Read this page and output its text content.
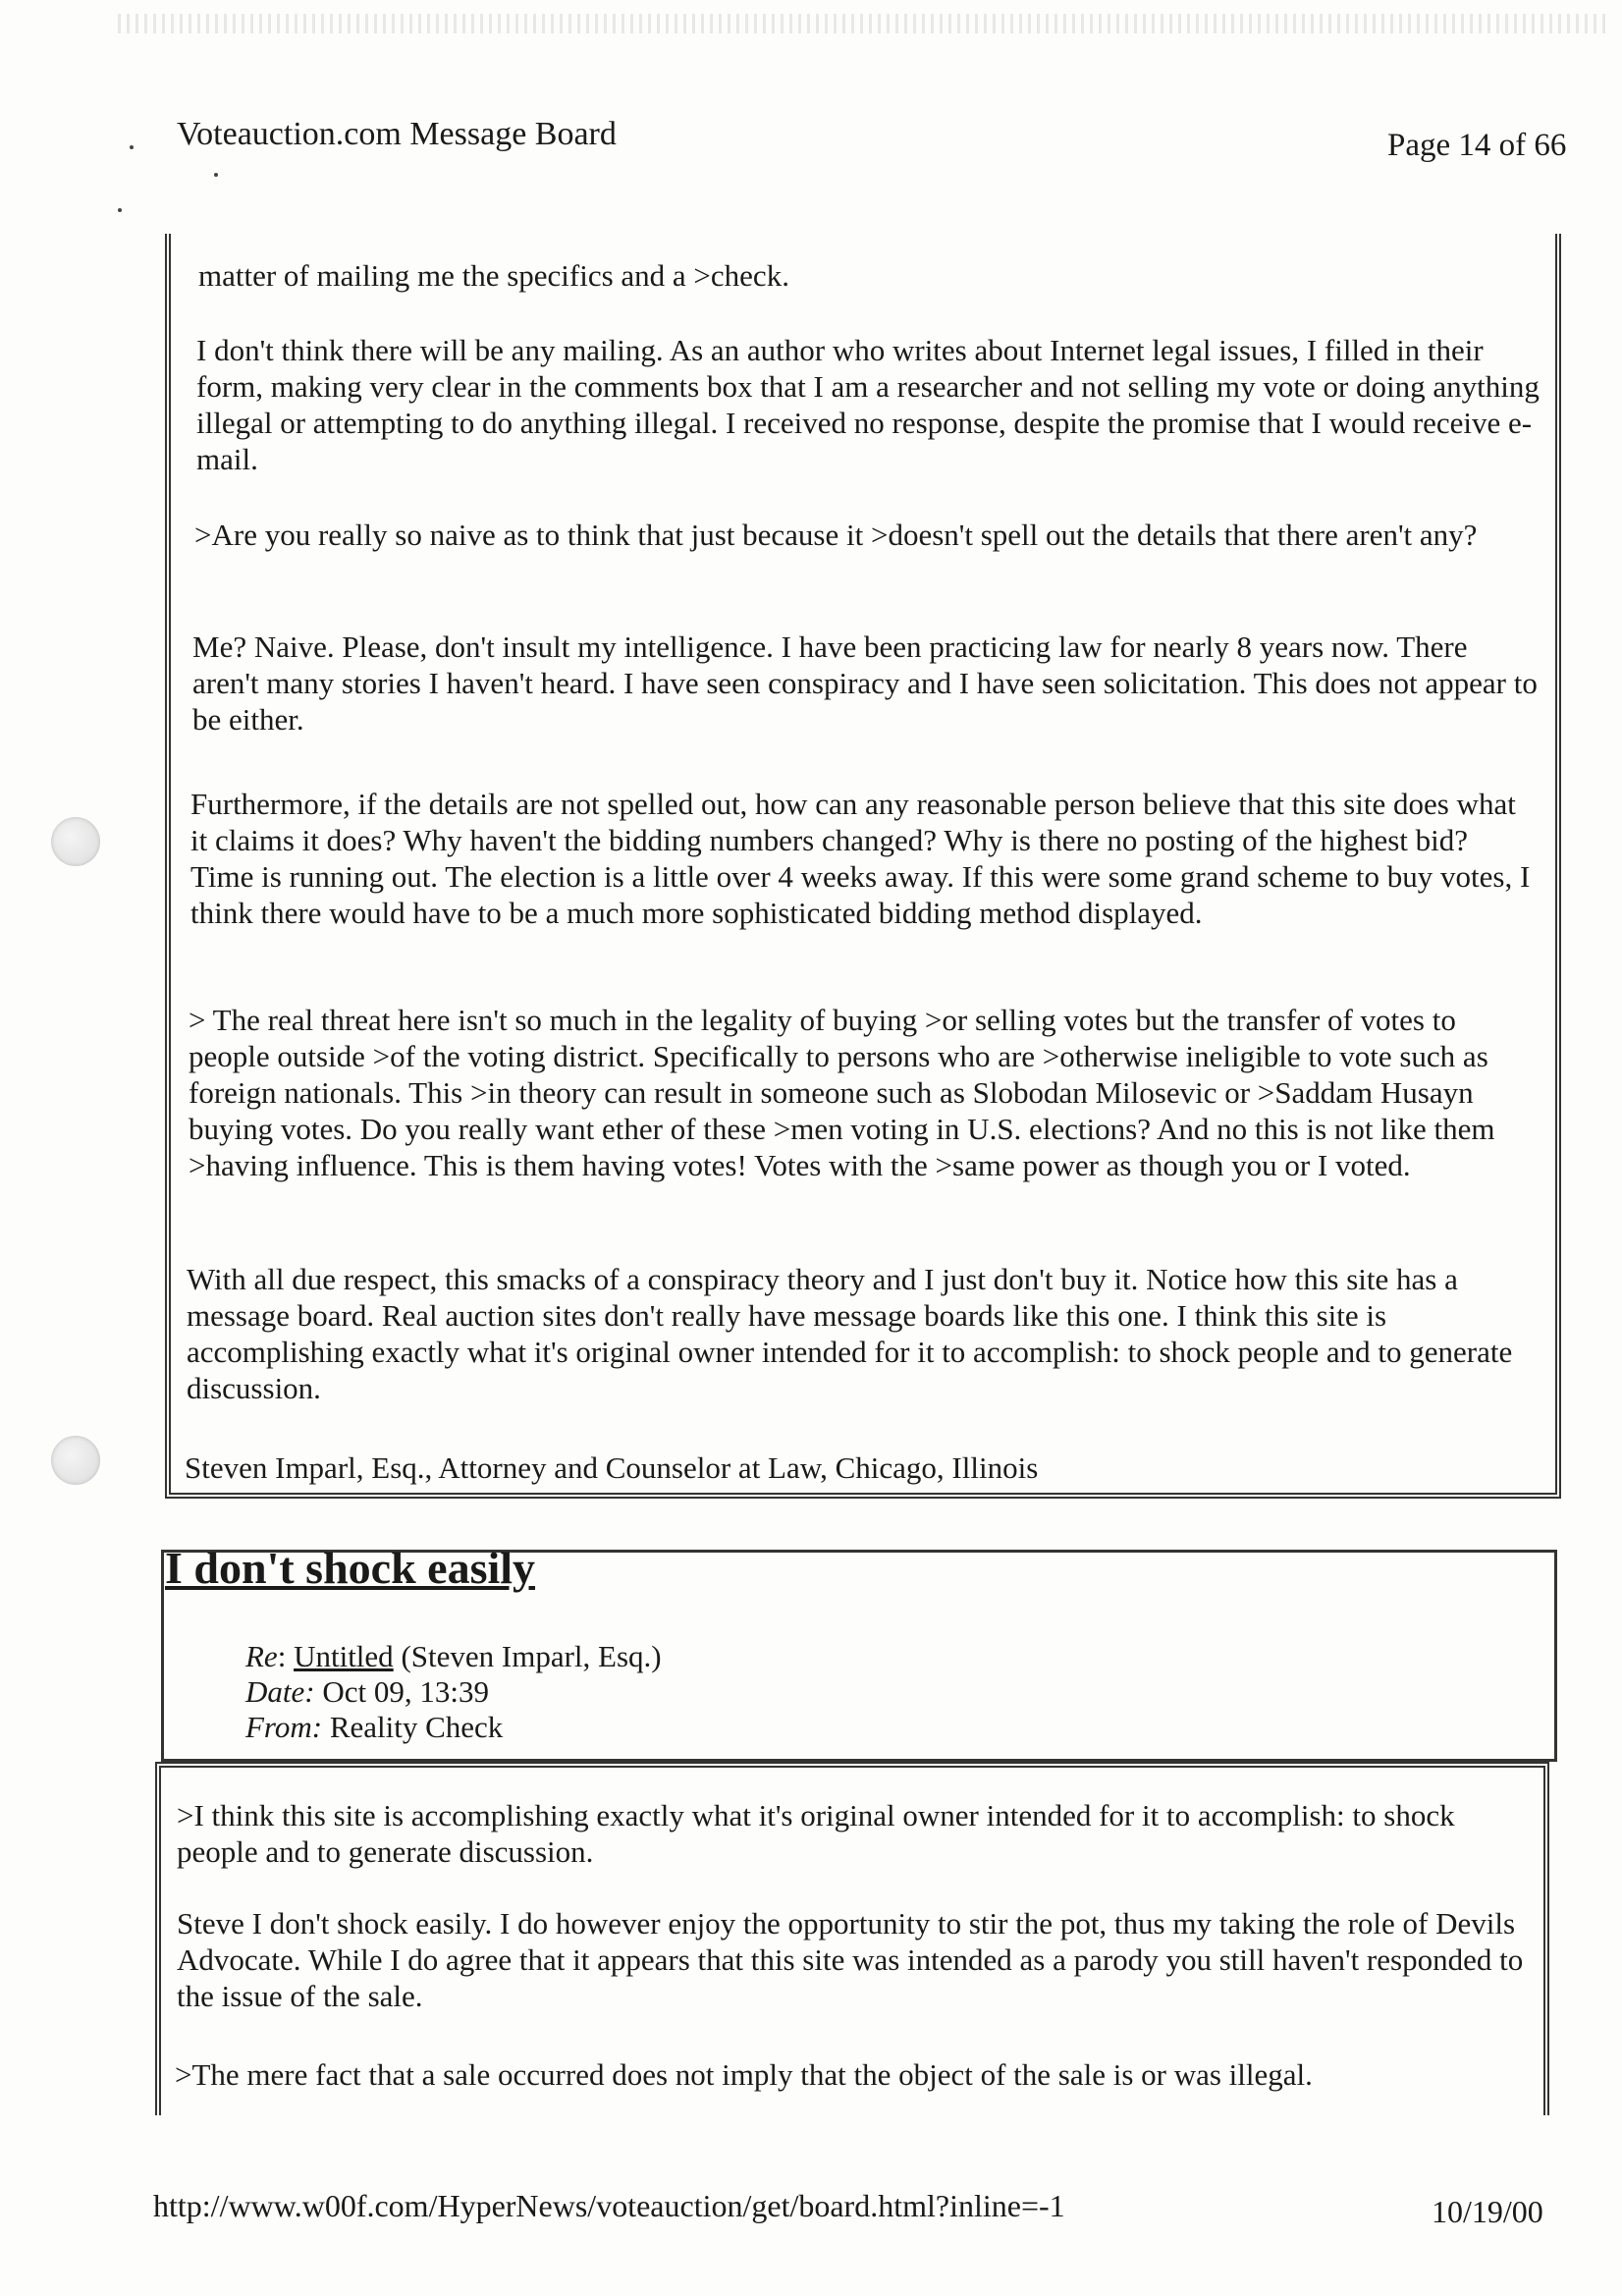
Voteauction.com Message Board	Page 14 of 66

matter of mailing me the specifics and a >check.

I don't think there will be any mailing. As an author who writes about Internet legal issues, I filled in their form, making very clear in the comments box that I am a researcher and not selling my vote or doing anything illegal or attempting to do anything illegal. I received no response, despite the promise that I would receive e-mail.

>Are you really so naive as to think that just because it >doesn't spell out the details that there aren't any?

Me? Naive. Please, don't insult my intelligence. I have been practicing law for nearly 8 years now. There aren't many stories I haven't heard. I have seen conspiracy and I have seen solicitation. This does not appear to be either.

Furthermore, if the details are not spelled out, how can any reasonable person believe that this site does what it claims it does? Why haven't the bidding numbers changed? Why is there no posting of the highest bid? Time is running out. The election is a little over 4 weeks away. If this were some grand scheme to buy votes, I think there would have to be a much more sophisticated bidding method displayed.

> The real threat here isn't so much in the legality of buying >or selling votes but the transfer of votes to people outside >of the voting district. Specifically to persons who are >otherwise ineligible to vote such as foreign nationals. This >in theory can result in someone such as Slobodan Milosevic or >Saddam Husayn buying votes. Do you really want ether of these >men voting in U.S. elections? And no this is not like them >having influence. This is them having votes! Votes with the >same power as though you or I voted.

With all due respect, this smacks of a conspiracy theory and I just don't buy it. Notice how this site has a message board. Real auction sites don't really have message boards like this one. I think this site is accomplishing exactly what it's original owner intended for it to accomplish: to shock people and to generate discussion.

Steven Imparl, Esq., Attorney and Counselor at Law, Chicago, Illinois

I don't shock easily
Re: Untitled (Steven Imparl, Esq.)
Date: Oct 09, 13:39
From: Reality Check

>I think this site is accomplishing exactly what it's original owner intended for it to accomplish: to shock people and to generate discussion.

Steve I don't shock easily. I do however enjoy the opportunity to stir the pot, thus my taking the role of Devils Advocate. While I do agree that it appears that this site was intended as a parody you still haven't responded to the issue of the sale.

>The mere fact that a sale occurred does not imply that the object of the sale is or was illegal.

http://www.w00f.com/HyperNews/voteauction/get/board.html?inline=-1	10/19/00
